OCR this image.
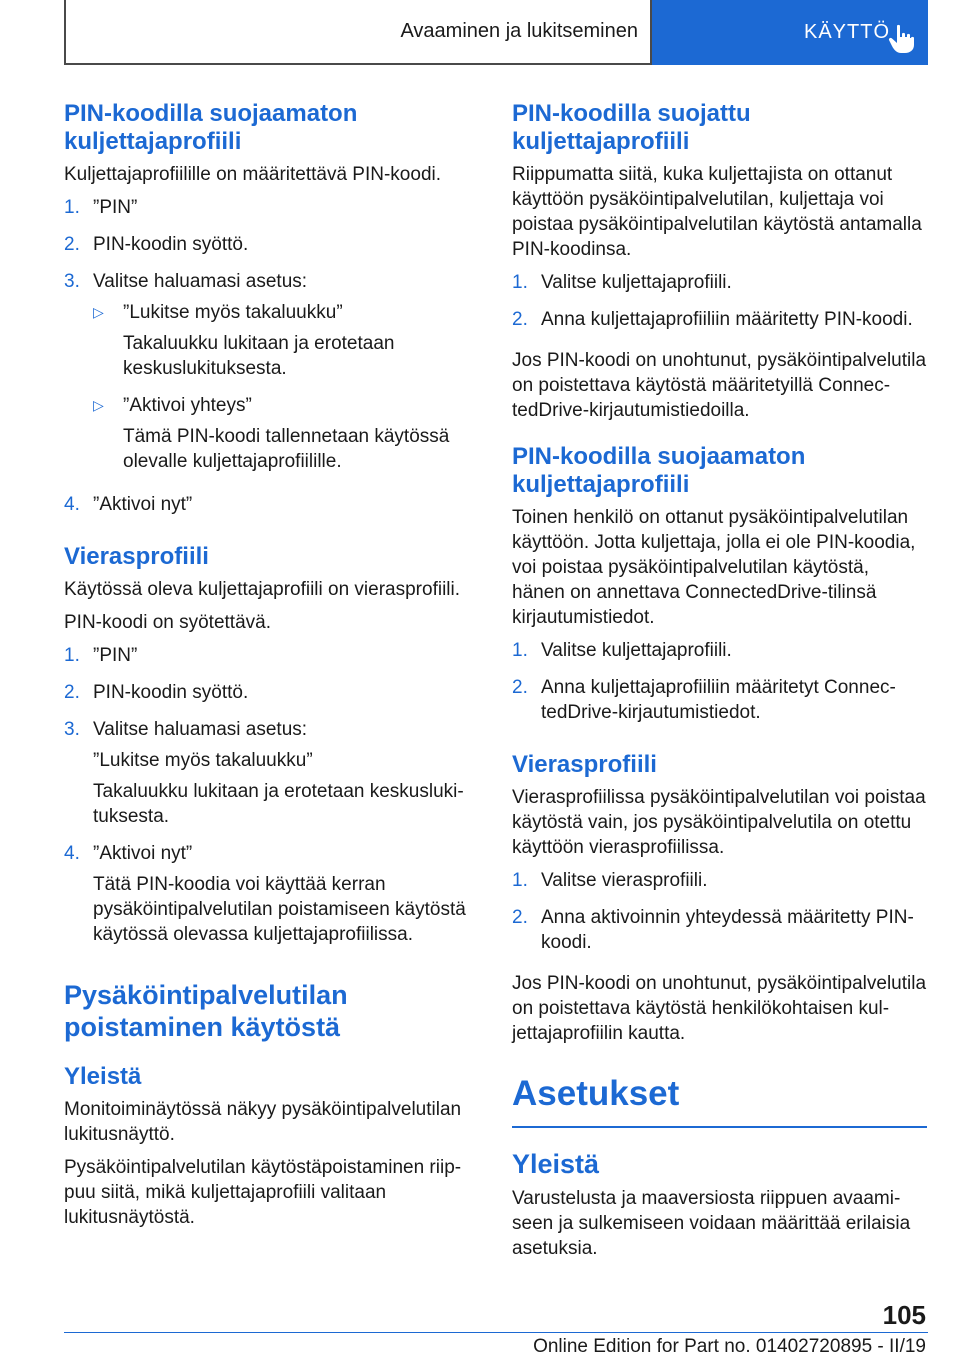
Avaaminen ja lukitseminen	KÄYTTÖ
PIN-koodilla suojaamaton kuljettajaprofiili

Kuljettajaprofiilille on määritettävä PIN-koodi.

1. ”PIN”

2. PIN-koodin syöttö.

3. Valitse haluamasi asetus:

▷	”Lukitse myös takaluukku”

Takaluukku lukitaan ja erotetaan keskuslukituksesta.

▷	”Aktivoi yhteys”

Tämä PIN-koodi tallennetaan käytössä olevalle kuljettajaprofiilille.

4. ”Aktivoi nyt”

Vierasprofiili

Käytössä oleva kuljettajaprofiili on vierasprofiili.

PIN-koodi on syötettävä.

1. ”PIN”

2. PIN-koodin syöttö.

3. Valitse haluamasi asetus:

”Lukitse myös takaluukku”

Takaluukku lukitaan ja erotetaan keskuslukituksesta.

4. ”Aktivoi nyt”

Tätä PIN-koodia voi käyttää kerran pysäköintipalvelutilan poistamiseen käytöstä käytössä olevassa kuljettajaprofiilissa.

Pysäköintipalvelutilan poistaminen käytöstä
Yleistä

Monitoiminäytössä näkyy pysäköintipalvelutilan lukitusnäyttö.

Pysäköintipalvelutilan käytöstäpoistaminen riippuu siitä, mikä kuljettajaprofiili valitaan lukitusnäytöstä.

PIN-koodilla suojattu kuljettajaprofiili

Riippumatta siitä, kuka kuljettajista on ottanut käyttöön pysäköintipalvelutilan, kuljettaja voi poistaa pysäköintipalvelutilan käytöstä antamalla PIN-koodinsa.

1. Valitse kuljettajaprofiili.

2. Anna kuljettajaprofiiliin määritetty PIN-koodi.

Jos PIN-koodi on unohtunut, pysäköintipalvelutila on poistettava käytöstä määritetyillä ConnectedDrive-kirjautumistiedoilla.

PIN-koodilla suojaamaton kuljettajaprofiili

Toinen henkilö on ottanut pysäköintipalvelutilan käyttöön. Jotta kuljettaja, jolla ei ole PIN-koodia, voi poistaa pysäköintipalvelutilan käytöstä, hänen on annettava ConnectedDrive-tilinsä kirjautumistiedot.

1. Valitse kuljettajaprofiili.

2. Anna kuljettajaprofiiliin määritetyt ConnectedDrive-kirjautumistiedot.

Vierasprofiili

Vierasprofiilissa pysäköintipalvelutilan voi poistaa käytöstä vain, jos pysäköintipalvelutila on otettu käyttöön vierasprofiilissa.

1. Valitse vierasprofiili.

2. Anna aktivoinnin yhteydessä määritetty PIN-koodi.

Jos PIN-koodi on unohtunut, pysäköintipalvelutila on poistettava käytöstä henkilökohtaisen kuljettajaprofiilin kautta.

Asetukset
Yleistä

Varustelusta ja maaversiosta riippuen avaamiseen ja sulkemiseen voidaan määrittää erilaisia asetuksia.

105
Online Edition for Part no. 01402720895 - II/19
